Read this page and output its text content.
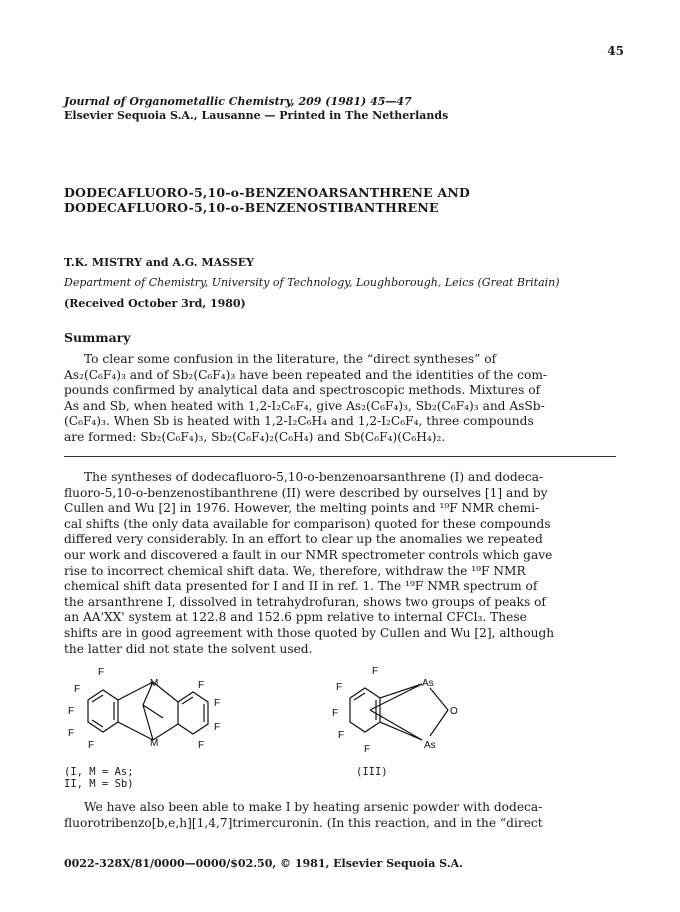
45
Journal of Organometallic Chemistry, 209 (1981) 45—47
Elsevier Sequoia S.A., Lausanne — Printed in The Netherlands
DODECAFLUORO-5,10-o-BENZENOARSANTHRENE AND
DODECAFLUORO-5,10-o-BENZENOSTIBANTHRENE
T.K. MISTRY and A.G. MASSEY
Department of Chemistry, University of Technology, Loughborough, Leics (Great Britain)
(Received October 3rd, 1980)
Summary
To clear some confusion in the literature, the “direct syntheses” of
As₂(C₆F₄)₃ and of Sb₂(C₆F₄)₃ have been repeated and the identities of the com-
pounds confirmed by analytical data and spectroscopic methods. Mixtures of
As and Sb, when heated with 1,2-I₂C₆F₄, give As₂(C₆F₄)₃, Sb₂(C₆F₄)₃ and AsSb-
(C₆F₄)₃. When Sb is heated with 1,2-I₂C₆H₄ and 1,2-I₂C₆F₄, three compounds
are formed: Sb₂(C₆F₄)₃, Sb₂(C₆F₄)₂(C₆H₄) and Sb(C₆F₄)(C₆H₄)₂.
The syntheses of dodecafluoro-5,10-o-benzenoarsanthrene (I) and dodeca-
fluoro-5,10-o-benzenostibanthrene (II) were described by ourselves [1] and by
Cullen and Wu [2] in 1976. However, the melting points and ¹⁹F NMR chemi-
cal shifts (the only data available for comparison) quoted for these compounds
differed very considerably. In an effort to clear up the anomalies we repeated
our work and discovered a fault in our NMR spectrometer controls which gave
rise to incorrect chemical shift data. We, therefore, withdraw the ¹⁹F NMR
chemical shift data presented for I and II in ref. 1. The ¹⁹F NMR spectrum of
the arsanthrene I, dissolved in tetrahydrofuran, shows two groups of peaks of
an AA'XX' system at 122.8 and 152.6 ppm relative to internal CFCl₃. These
shifts are in good agreement with those quoted by Cullen and Wu [2], although
the latter did not state the solvent used.
F
F
F
F
F
M
M
F
F
F
F
(I, M = As;
II, M = Sb)
F
F
F
F
F
As
O
As
(III)
We have also been able to make I by heating arsenic powder with dodeca-
fluorotribenzo[b,e,h][1,4,7]trimercuronin. (In this reaction, and in the “direct
0022-328X/81/0000—0000/$02.50, © 1981, Elsevier Sequoia S.A.
